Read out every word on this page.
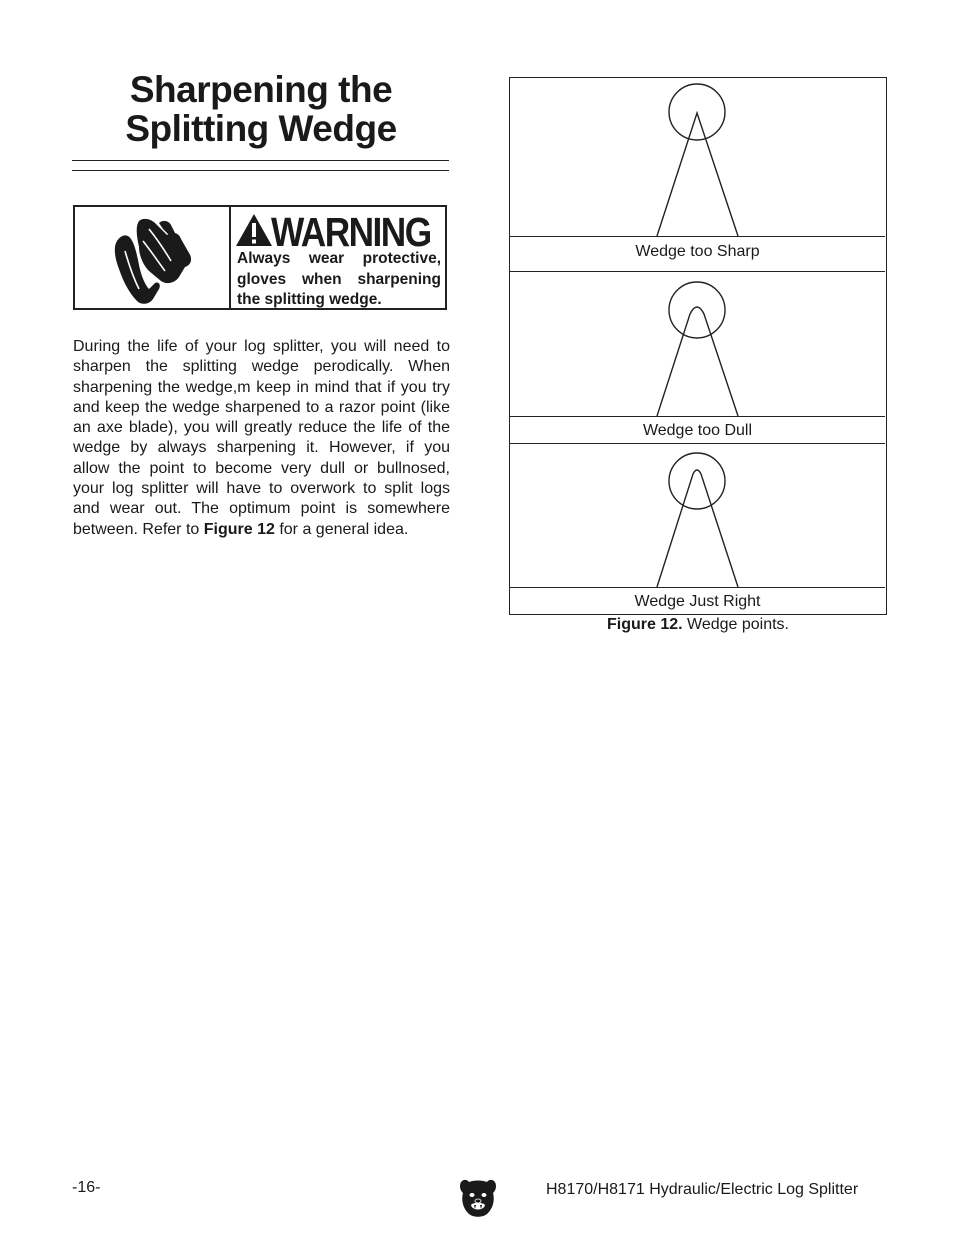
Sharpening the
Splitting Wedge
WARNING
Always wear protective, gloves when sharpening the splitting wedge.

During the life of your log splitter, you will need to sharpen the splitting wedge perodically. When sharpening the wedge,m keep in mind that if you try and keep the wedge sharpened to a razor point (like an axe blade), you will greatly reduce the life of the wedge by always sharpening it. However, if you allow the point to become very dull or bullnosed, your log splitter will have to overwork to split logs and wear out. The optimum point is somewhere between. Refer to Figure 12 for a general idea.

Wedge too Sharp
Wedge too Dull
Wedge Just Right
Figure 12. Wedge points.
-16-	H8170/H8171 Hydraulic/Electric Log Splitter
